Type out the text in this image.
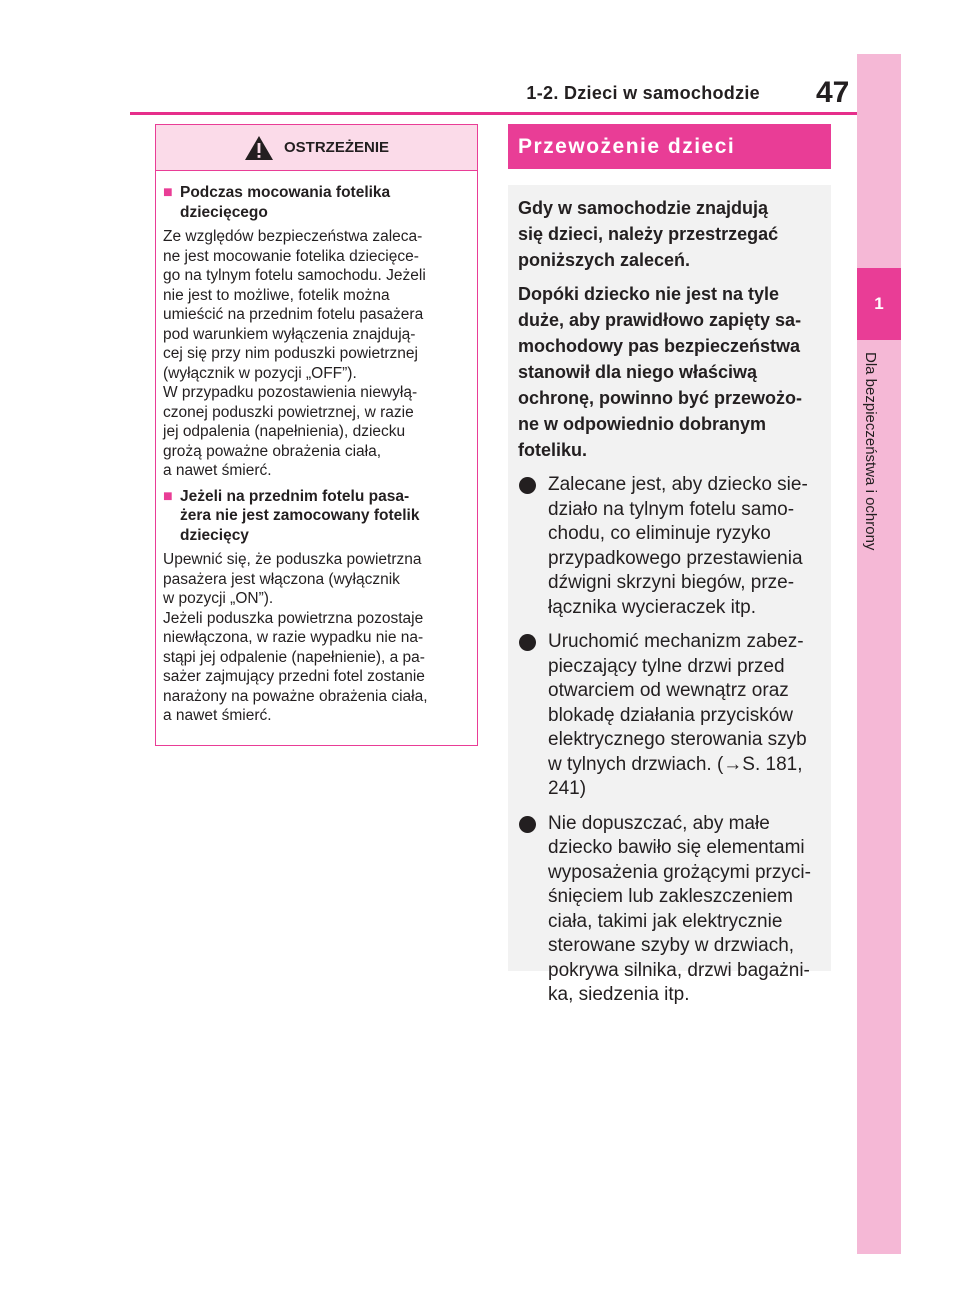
1-2. Dzieci w samochodzie 47
1
Dla bezpieczeństwa i ochrony
OSTRZEŻENIE
■ Podczas mocowania fotelika
dziecięcego
Ze względów bezpieczeństwa zaleca-
ne jest mocowanie fotelika dziecięce-
go na tylnym fotelu samochodu. Jeżeli
nie jest to możliwe, fotelik można
umieścić na przednim fotelu pasażera
pod warunkiem wyłączenia znajdują-
cej się przy nim poduszki powietrznej
(wyłącznik w pozycji „OFF”).
W przypadku pozostawienia niewyłą-
czonej poduszki powietrznej, w razie
jej odpalenia (napełnienia), dziecku
grożą poważne obrażenia ciała,
a nawet śmierć.
■ Jeżeli na przednim fotelu pasa-
żera nie jest zamocowany fotelik
dziecięcy
Upewnić się, że poduszka powietrzna
pasażera jest włączona (wyłącznik
w pozycji „ON”).
Jeżeli poduszka powietrzna pozostaje
niewłączona, w razie wypadku nie na-
stąpi jej odpalenie (napełnienie), a pa-
sażer zajmujący przedni fotel zostanie
narażony na poważne obrażenia ciała,
a nawet śmierć.
Przewożenie dzieci
Gdy w samochodzie znajdują
się dzieci, należy przestrzegać
poniższych zaleceń.
Dopóki dziecko nie jest na tyle
duże, aby prawidłowo zapięty sa-
mochodowy pas bezpieczeństwa
stanowił dla niego właściwą
ochronę, powinno być przewożo-
ne w odpowiednio dobranym
foteliku.
Zalecane jest, aby dziecko sie-
działo na tylnym fotelu samo-
chodu, co eliminuje ryzyko
przypadkowego przestawienia
dźwigni skrzyni biegów, prze-
łącznika wycieraczek itp.
Uruchomić mechanizm zabez-
pieczający tylne drzwi przed
otwarciem od wewnątrz oraz
blokadę działania przycisków
elektrycznego sterowania szyb
w tylnych drzwiach. (→S. 181,
241)
Nie dopuszczać, aby małe
dziecko bawiło się elementami
wyposażenia grożącymi przyci-
śnięciem lub zakleszczeniem
ciała, takimi jak elektrycznie
sterowane szyby w drzwiach,
pokrywa silnika, drzwi bagażni-
ka, siedzenia itp.
